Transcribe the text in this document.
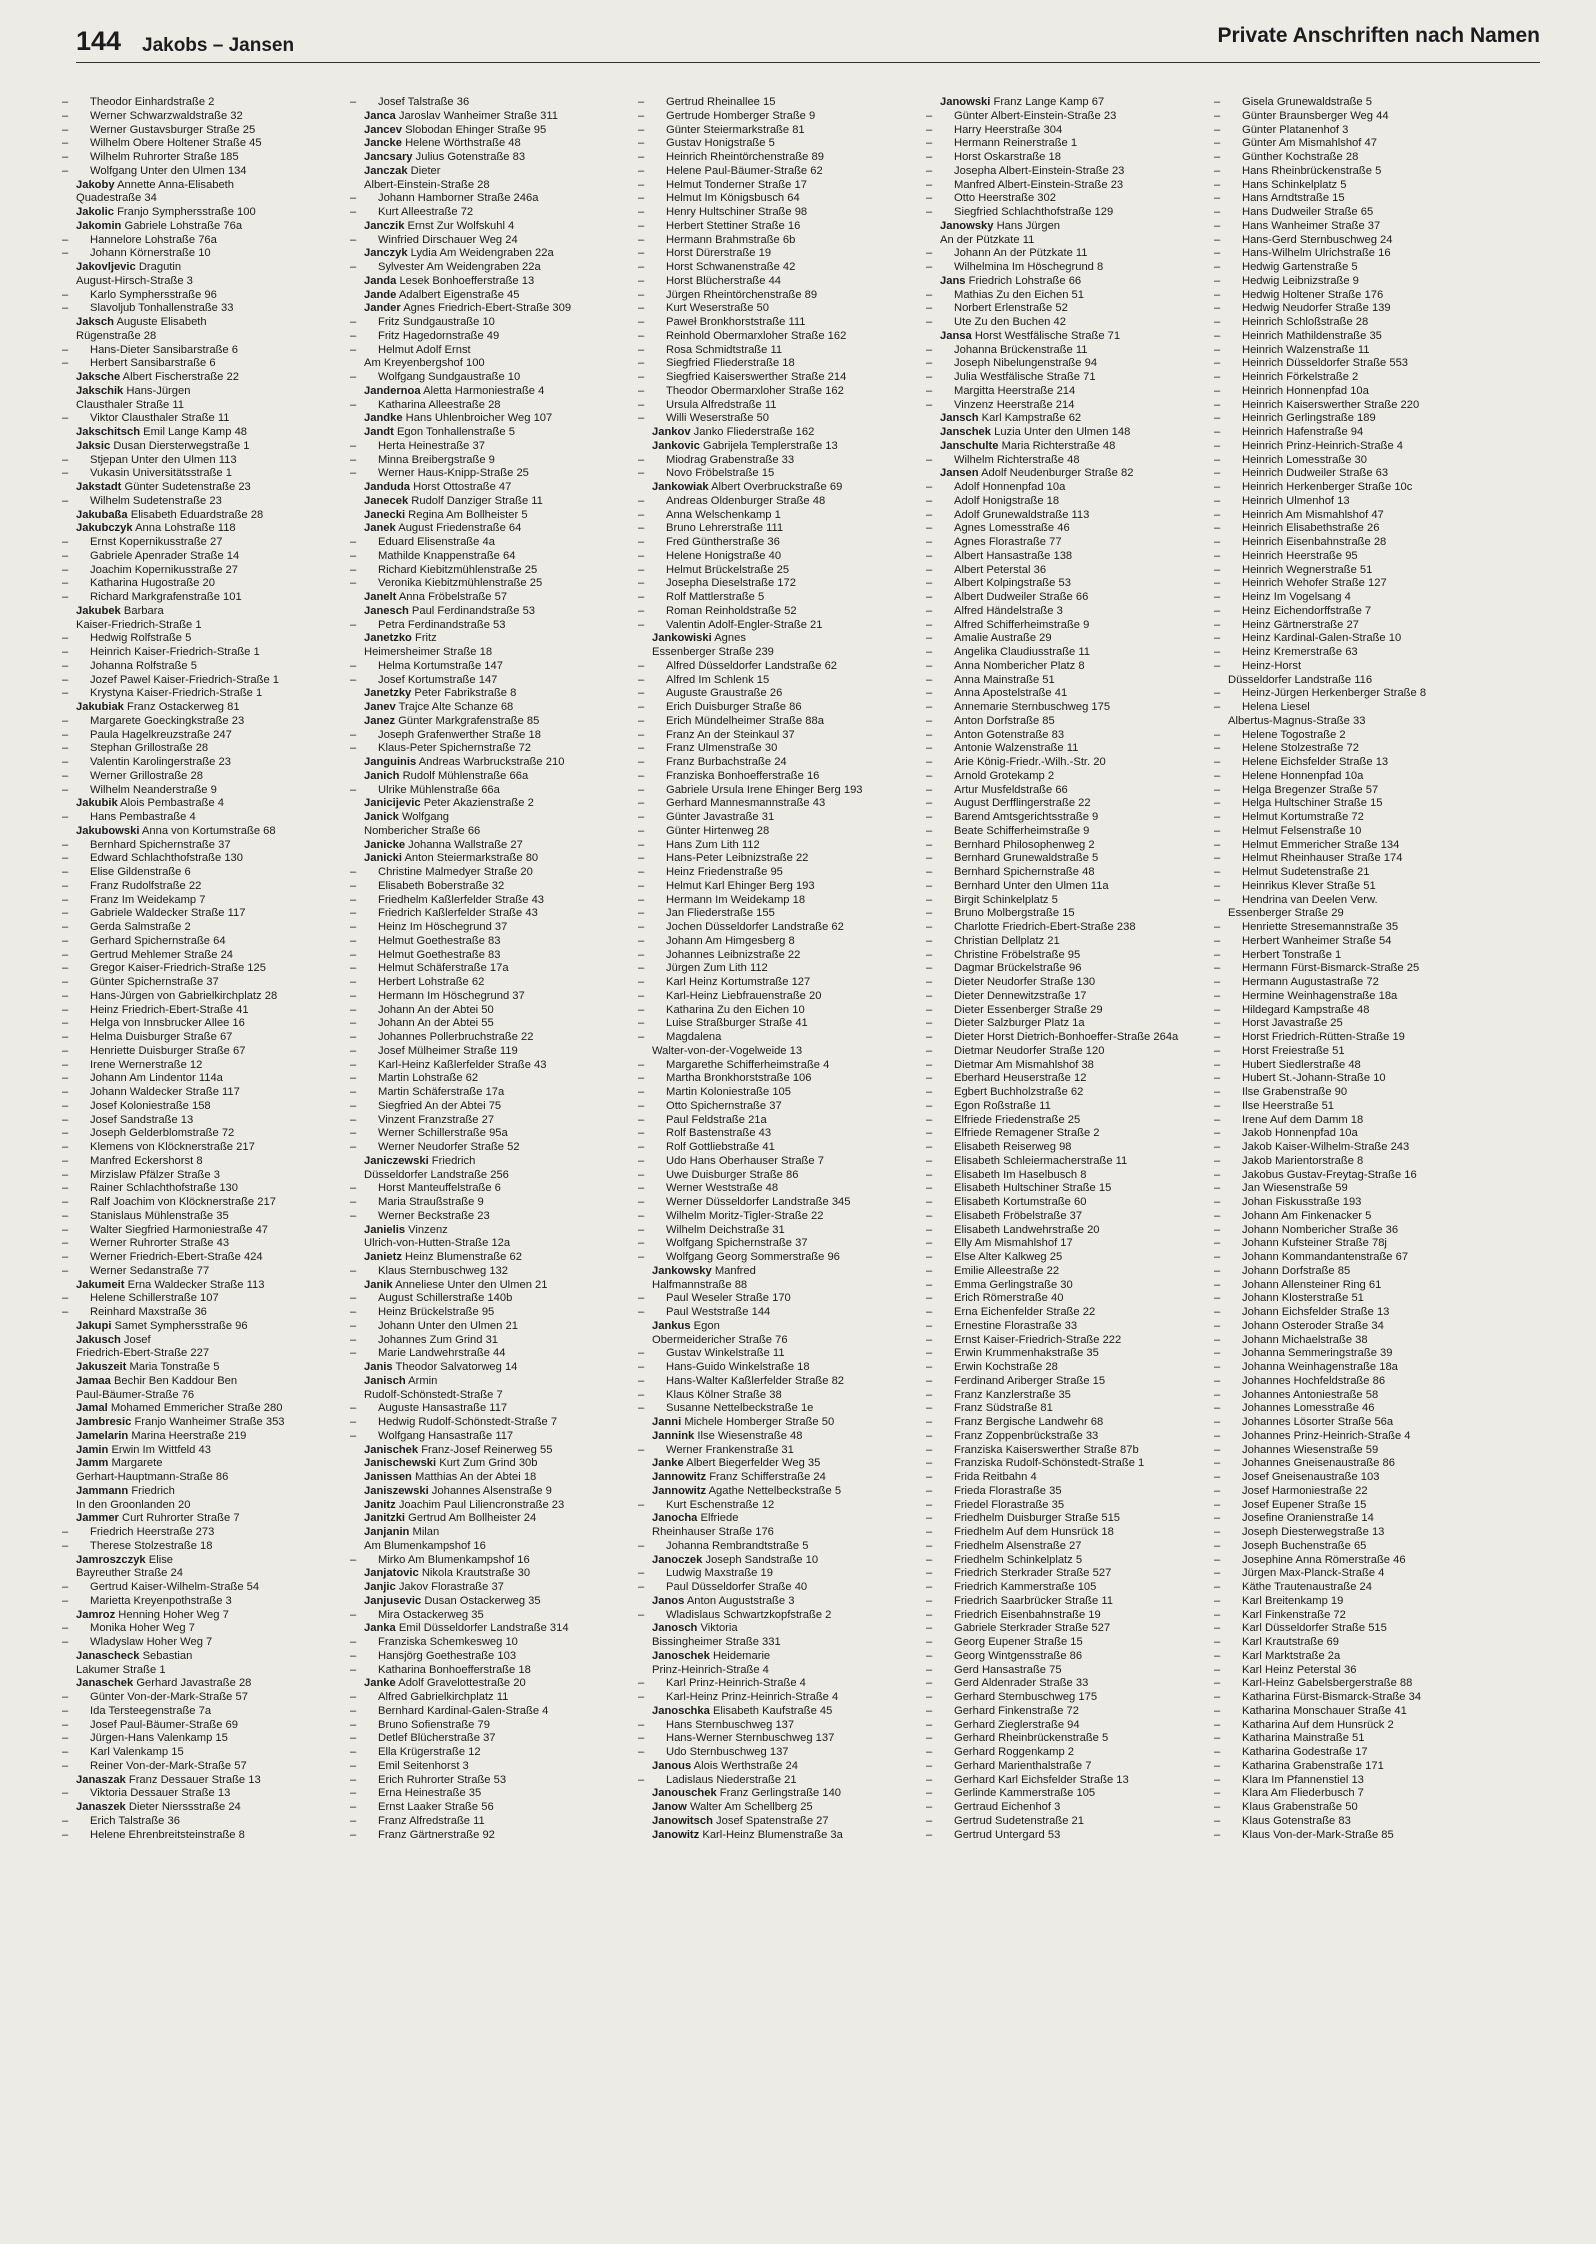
144 Jakobs – Jansen	Private Anschriften nach Namen
– Theodor Einhardstraße 2
– Werner Schwarzwaldstraße 32
– Werner Gustavsburger Straße 25
– Wilhelm Obere Holtener Straße 45
– Wilhelm Ruhrorter Straße 185
– Wolfgang Unter den Ulmen 134
Jakoby Annette Anna-Elisabeth
Quadestraße 34
Jakolic Franjo Symphersstraße 100
Jakomin Gabriele Lohstraße 76a
– Hannelore Lohstraße 76a
– Johann Körnerstraße 10
Jakovljevic Dragutin
August-Hirsch-Straße 3
– Karlo Symphersstraße 96
– Slavoljub Tonhallenstraße 33
Jaksch Auguste Elisabeth
Rügenstraße 28
– Hans-Dieter Sansibarstraße 6
– Herbert Sansibarstraße 6
Jaksche Albert Fischerstraße 22
Jakschik Hans-Jürgen
Clausthaler Straße 11
– Viktor Clausthaler Straße 11
Jakschitsch Emil Lange Kamp 48
Jaksic Dusan Diersterwegstraße 1
– Stjepan Unter den Ulmen 113
– Vukasin Universitätsstraße 1
Jakstadt Günter Sudetenstraße 23
– Wilhelm Sudetenstraße 23
Jakubaßa Elisabeth Eduardstraße 28
Jakubczyk Anna Lohstraße 118
– Ernst Kopernikusstraße 27
– Gabriele Apenrader Straße 14
– Joachim Kopernikusstraße 27
– Katharina Hugostraße 20
– Richard Markgrafenstraße 101
Jakubek Barbara
Kaiser-Friedrich-Straße 1
– Hedwig Rolfstraße 5
– Heinrich Kaiser-Friedrich-Straße 1
– Johanna Rolfstraße 5
– Jozef Pawel Kaiser-Friedrich-Straße 1
– Krystyna Kaiser-Friedrich-Straße 1
Jakubiak Franz Ostackerweg 81
– Margarete Goeckingkstraße 23
– Paula Hagelkreuzstraße 247
– Stephan Grillostraße 28
– Valentin Karolingerstraße 23
– Werner Grillostraße 28
– Wilhelm Neanderstraße 9
Jakubik Alois Pembastraße 4
– Hans Pembastraße 4
Jakubowski Anna von Kortumstraße 68
– Bernhard Spichernstraße 37
– Edward Schlachthofstraße 130
– Elise Gildenstraße 6
– Franz Rudolfstraße 22
– Franz Im Weidekamp 7
– Gabriele Waldecker Straße 117
– Gerda Salmstraße 2
– Gerhard Spichernstraße 64
– Gertrud Mehlemer Straße 24
– Gregor Kaiser-Friedrich-Straße 125
– Günter Spichernstraße 37
– Hans-Jürgen von Gabrielkirchplatz 28
– Heinz Friedrich-Ebert-Straße 41
– Helga von Innsbrucker Allee 16
– Helma Duisburger Straße 67
– Henriette Duisburger Straße 67
– Irene Wernerstraße 12
– Johann Am Lindentor 114a
– Johann Waldecker Straße 117
– Josef Koloniestraße 158
– Josef Sandstraße 13
– Joseph Gelderblomstraße 72
– Klemens von Klöcknerstraße 217
– Manfred Eckershorst 8
– Mirzislaw Pfälzer Straße 3
– Rainer Schlachthofstraße 130
– Ralf Joachim von Klöcknerstraße 217
– Stanislaus Mühlenstraße 35
– Walter Siegfried Harmoniestraße 47
– Werner Ruhrorter Straße 43
– Werner Friedrich-Ebert-Straße 424
– Werner Sedanstraße 77
Jakumeit Erna Waldecker Straße 113
– Helene Schillerstraße 107
– Reinhard Maxstraße 36
Jakupi Samet Symphersstraße 96
Jakusch Josef
Friedrich-Ebert-Straße 227
Jakuszeit Maria Tonstraße 5
Jamaa Bechir Ben Kaddour Ben
Paul-Bäumer-Straße 76
Jamal Mohamed Emmericher Straße 280
Jambresic Franjo Wanheimer Straße 353
Jamelarin Marina Heerstraße 219
Jamin Erwin Im Wittfeld 43
Jamm Margarete
Gerhart-Hauptmann-Straße 86
Jammann Friedrich
In den Groonlanden 20
Jammer Curt Ruhrorter Straße 7
– Friedrich Heerstraße 273
– Therese Stolzestraße 18
Jamroszczyk Elise
Bayreuther Straße 24
– Gertrud Kaiser-Wilhelm-Straße 54
– Marietta Kreyenpothstraße 3
Jamroz Henning Hoher Weg 7
– Monika Hoher Weg 7
– Wladyslaw Hoher Weg 7
Janascheck Sebastian
Lakumer Straße 1
Janaschek Gerhard Javastraße 28
– Günter Von-der-Mark-Straße 57
– Ida Tersteegenstraße 7a
– Josef Paul-Bäumer-Straße 69
– Jürgen-Hans Valenkamp 15
– Karl Valenkamp 15
– Reiner Von-der-Mark-Straße 57
Janaszak Franz Dessauer Straße 13
– Viktoria Dessauer Straße 13
Janaszek Dieter Nierssstraße 24
– Erich Talstraße 36
– Helene Ehrenbreitsteinstraße 8
– Josef Talstraße 36
Janca Jaroslav Wanheimer Straße 311
Jancev Slobodan Ehinger Straße 95
Jancke Helene Wörthstraße 48
Jancsary Julius Gotenstraße 83
Janczak Dieter
Albert-Einstein-Straße 28
– Johann Hamborner Straße 246a
– Kurt Alleestraße 72
Janczik Ernst Zur Wolfskuhl 4
– Winfried Dirschauer Weg 24
Janczyk Lydia Am Weidengraben 22a
– Sylvester Am Weidengraben 22a
Janda Lesek Bonhoefferstraße 13
Jande Adalbert Eigenstraße 45
Jander Agnes Friedrich-Ebert-Straße 309
– Fritz Sundgaustraße 10
– Fritz Hagedornstraße 49
– Helmut Adolf Ernst
Am Kreyenbergshof 100
– Wolfgang Sundgaustraße 10
Jandernoa Aletta Harmoniestraße 4
– Katharina Alleestraße 28
Jandke Hans Uhlenbroicher Weg 107
Jandt Egon Tonhallenstraße 5
– Herta Heinestraße 37
– Minna Breibergstraße 9
– Werner Haus-Knipp-Straße 25
Janduda Horst Ottostraße 47
Janecek Rudolf Danziger Straße 11
Janecki Regina Am Bollheister 5
Janek August Friedenstraße 64
– Eduard Elisenstraße 4a
– Mathilde Knappenstraße 64
– Richard Kiebitzmühlenstraße 25
– Veronika Kiebitzmühlenstraße 25
Janelt Anna Fröbelstraße 57
Janesch Paul Ferdinandstraße 53
– Petra Ferdinandstraße 53
Janetzko Fritz
Heimersheimer Straße 18
– Helma Kortumstraße 147
– Josef Kortumstraße 147
Janetzky Peter Fabrikstraße 8
Janev Trajce Alte Schanze 68
Janez Günter Markgrafenstraße 85
– Joseph Grafenwerther Straße 18
– Klaus-Peter Spichernstraße 72
Janguinis Andreas Warbruckstraße 210
Janich Rudolf Mühlenstraße 66a
– Ulrike Mühlenstraße 66a
Janicijevic Peter Akazienstraße 2
Janick Wolfgang
Nombericher Straße 66
Janicke Johanna Wallstraße 27
Janicki Anton Steiermarkstraße 80
– Christine Malmedyer Straße 20
– Elisabeth Boberstraße 32
– Friedhelm Kaßlerfelder Straße 43
– Friedrich Kaßlerfelder Straße 43
– Heinz Im Höschegrund 37
– Helmut Goethestraße 83
– Helmut Goethestraße 83
– Helmut Schäferstraße 17a
– Herbert Lohstraße 62
– Hermann Im Höschegrund 37
– Johann An der Abtei 50
– Johann An der Abtei 55
– Johannes Pollerbruchstraße 22
– Josef Mülheimer Straße 119
– Karl-Heinz Kaßlerfelder Straße 43
– Martin Lohstraße 62
– Martin Schäferstraße 17a
– Siegfried An der Abtei 75
– Vinzent Franzstraße 27
– Werner Schillerstraße 95a
– Werner Neudorfer Straße 52
Janiczewski Friedrich
Düsseldorfer Landstraße 256
– Horst Manteuffelstraße 6
– Maria Straußstraße 9
– Werner Beckstraße 23
Janielis Vinzenz
Ulrich-von-Hutten-Straße 12a
Janietz Heinz Blumenstraße 62
– Klaus Sternbuschweg 132
Janik Anneliese Unter den Ulmen 21
– August Schillerstraße 140b
– Heinz Brückelstraße 95
– Johann Unter den Ulmen 21
– Johannes Zum Grind 31
– Marie Landwehrstraße 44
Janis Theodor Salvatorweg 14
Janisch Armin
Rudolf-Schönstedt-Straße 7
– Auguste Hansastraße 117
– Hedwig Rudolf-Schönstedt-Straße 7
– Wolfgang Hansastraße 117
Janischek Franz-Josef Reinerweg 55
Janischewski Kurt Zum Grind 30b
Janissen Matthias An der Abtei 18
Janiszewski Johannes Alsenstraße 9
Janitz Joachim Paul Liliencronstraße 23
Janitzki Gertrud Am Bollheister 24
Janjanin Milan
Am Blumenkampshof 16
– Mirko Am Blumenkampshof 16
Janjatovic Nikola Krautstraße 30
Janjic Jakov Florastraße 37
Janjusevic Dusan Ostackerweg 35
– Mira Ostackerweg 35
Janka Emil Düsseldorfer Landstraße 314
– Franziska Schemkesweg 10
– Hansjörg Goethestraße 103
– Katharina Bonhoefferstraße 18
Janke Adolf Gravelottestraße 20
– Alfred Gabrielkirchplatz 11
– Bernhard Kardinal-Galen-Straße 4
– Bruno Sofienstraße 79
– Detlef Blücherstraße 37
– Ella Krügerstraße 12
– Emil Seitenhorst 3
– Erich Ruhrorter Straße 53
– Erna Heinestraße 35
– Ernst Laaker Straße 56
– Franz Alfredstraße 11
– Franz Gärtnerstraße 92
– Gertrud Rheinallee 15
– Gertrude Homberger Straße 9
– Günter Steiermarkstraße 81
– Gustav Honigstraße 5
– Heinrich Rheintörchenstraße 89
– Helene Paul-Bäumer-Straße 62
– Helmut Tonderner Straße 17
– Helmut Im Königsbusch 64
– Henry Hultschiner Straße 98
– Herbert Stettiner Straße 16
– Hermann Brahmstraße 6b
– Horst Dürerstraße 19
– Horst Schwanenstraße 42
– Horst Blücherstraße 44
– Jürgen Rheintörchenstraße 89
– Kurt Weserstraße 50
– Paweł Bronkhorststraße 111
– Reinhold Obermarxloher Straße 162
– Rosa Schmidtstraße 11
– Siegfried Fliederstraße 18
– Siegfried Kaiserswerther Straße 214
– Theodor Obermarxloher Straße 162
– Ursula Alfredstraße 11
– Willi Weserstraße 50
Jankov Janko Fliederstraße 162
Jankovic Gabrijela Templerstraße 13
– Miodrag Grabenstraße 33
– Novo Fröbelstraße 15
Jankowiak Albert Overbruckstraße 69
– Andreas Oldenburger Straße 48
– Anna Welschenkamp 1
– Bruno Lehrerstraße 111
– Fred Güntherstraße 36
– Helene Honigstraße 40
– Helmut Brückelstraße 25
– Josepha Dieselstraße 172
– Rolf Mattlerstraße 5
– Roman Reinholdstraße 52
– Valentin Adolf-Engler-Straße 21
Jankowiski Agnes
Essenberger Straße 239
– Alfred Düsseldorfer Landstraße 62
– Alfred Im Schlenk 15
– Auguste Graustraße 26
– Erich Duisburger Straße 86
– Erich Mündelheimer Straße 88a
– Franz An der Steinkaul 37
– Franz Ulmenstraße 30
– Franz Burbachstraße 24
– Franziska Bonhoefferstraße 16
– Gabriele Ursula Irene Ehinger Berg 193
– Gerhard Mannesmannstraße 43
– Günter Javastraße 31
– Günter Hirtenweg 28
– Hans Zum Lith 112
– Hans-Peter Leibnizstraße 22
– Heinz Friedenstraße 95
– Helmut Karl Ehinger Berg 193
– Hermann Im Weidekamp 18
– Jan Fliederstraße 155
– Jochen Düsseldorfer Landstraße 62
– Johann Am Himgesberg 8
– Johannes Leibnizstraße 22
– Jürgen Zum Lith 112
– Karl Heinz Kortumstraße 127
– Karl-Heinz Liebfrauenstraße 20
– Katharina Zu den Eichen 10
– Luise Straßburger Straße 41
– Magdalena
Walter-von-der-Vogelweide 13
– Margarethe Schifferheimstraße 4
– Martha Bronkhorststraße 106
– Martin Koloniestraße 105
– Otto Spichernstraße 37
– Paul Feldstraße 21a
– Rolf Bastenstraße 43
– Rolf Gottliebstraße 41
– Udo Hans Oberhauser Straße 7
– Uwe Duisburger Straße 86
– Werner Weststraße 48
– Werner Düsseldorfer Landstraße 345
– Wilhelm Moritz-Tigler-Straße 22
– Wilhelm Deichstraße 31
– Wolfgang Spichernstraße 37
– Wolfgang Georg Sommerstraße 96
Jankowsky Manfred
Halfmannstraße 88
– Paul Weseler Straße 170
– Paul Weststraße 144
Jankus Egon
Obermeidericher Straße 76
– Gustav Winkelstraße 11
– Hans-Guido Winkelstraße 18
– Hans-Walter Kaßlerfelder Straße 82
– Klaus Kölner Straße 38
– Susanne Nettelbeckstraße 1e
Janni Michele Homberger Straße 50
Jannink Ilse Wiesenstraße 48
– Werner Frankenstraße 31
Janke Albert Biegerfelder Weg 35
Jannowitz Franz Schifferstraße 24
Jannowitz Agathe Nettelbeckstraße 5
– Kurt Eschenstraße 12
Janocha Elfriede
Rheinhauser Straße 176
– Johanna Rembrandtstraße 5
Janoczek Joseph Sandstraße 10
– Ludwig Maxstraße 19
– Paul Düsseldorfer Straße 40
Janos Anton Auguststraße 3
– Wladislaus Schwartzkopfstraße 2
Janosch Viktoria
Bissingheimer Straße 331
Janoschek Heidemarie
Prinz-Heinrich-Straße 4
– Karl Prinz-Heinrich-Straße 4
– Karl-Heinz Prinz-Heinrich-Straße 4
Janoschka Elisabeth Kaufstraße 45
– Hans Sternbuschweg 137
– Hans-Werner Sternbuschweg 137
– Udo Sternbuschweg 137
Janous Alois Werthstraße 24
– Ladislaus Niederstraße 21
Janouschek Franz Gerlingstraße 140
Janow Walter Am Schellberg 25
Janowitsch Josef Spatenstraße 27
Janowitz Karl-Heinz Blumenstraße 3a
Janowski Franz Lange Kamp 67
– Günter Albert-Einstein-Straße 23
– Harry Heerstraße 304
– Hermann Reinerstraße 1
– Horst Oskarstraße 18
– Josepha Albert-Einstein-Straße 23
– Manfred Albert-Einstein-Straße 23
– Otto Heerstraße 302
– Siegfried Schlachthofstraße 129
Janowsky Hans Jürgen
An der Pützkate 11
– Johann An der Pützkate 11
– Wilhelmina Im Höschegrund 8
Jans Friedrich Lohstraße 66
– Mathias Zu den Eichen 51
– Norbert Erlenstraße 52
– Ute Zu den Buchen 42
Jansa Horst Westfälische Straße 71
– Johanna Brückenstraße 11
– Joseph Nibelungenstraße 94
– Julia Westfälische Straße 71
– Margitta Heerstraße 214
– Vinzenz Heerstraße 214
Jansch Karl Kampstraße 62
Janschek Luzia Unter den Ulmen 148
Janschulte Maria Richterstraße 48
– Wilhelm Richterstraße 48
Jansen Adolf Neudenburger Straße 82
– Adolf Honnenpfad 10a
– Adolf Honigstraße 18
– Adolf Grunewaldstraße 113
– Agnes Lomesstraße 46
– Agnes Florastraße 77
– Albert Hansastraße 138
– Albert Peterstal 36
– Albert Kolpingstraße 53
– Albert Dudweiler Straße 66
– Alfred Händelstraße 3
– Alfred Schifferheimstraße 9
– Amalie Austraße 29
– Angelika Claudiusstraße 11
– Anna Nombericher Platz 8
– Anna Mainstraße 51
– Anna Apostelstraße 41
– Annemarie Sternbuschweg 175
– Anton Dorfstraße 85
– Anton Gotenstraße 83
– Antonie Walzenstraße 11
– Arie König-Friedr.-Wilh.-Str. 20
– Arnold Grotekamp 2
– Artur Musfeldstraße 66
– August Derfflingerstraße 22
– Barend Amtsgerichtsstraße 9
– Beate Schifferheimstraße 9
– Bernhard Philosophenweg 2
– Bernhard Grunewaldstraße 5
– Bernhard Spichernstraße 48
– Bernhard Unter den Ulmen 11a
– Birgit Schinkelplatz 5
– Bruno Molbergstraße 15
– Charlotte Friedrich-Ebert-Straße 238
– Christian Dellplatz 21
– Christine Fröbelstraße 95
– Dagmar Brückelstraße 96
– Dieter Neudorfer Straße 130
– Dieter Dennewitzstraße 17
– Dieter Essenberger Straße 29
– Dieter Salzburger Platz 1a
– Dieter Horst Dietrich-Bonhoeffer-Straße 264a
– Dietmar Neudorfer Straße 120
– Dietmar Am Mismahlshof 38
– Eberhard Heuserstraße 12
– Egbert Buchholzstraße 62
– Egon Roßstraße 11
– Elfriede Friedenstraße 25
– Elfriede Remagener Straße 2
– Elisabeth Reiserweg 98
– Elisabeth Schleiermacherstraße 11
– Elisabeth Im Haselbusch 8
– Elisabeth Hultschiner Straße 15
– Elisabeth Kortumstraße 60
– Elisabeth Fröbelstraße 37
– Elisabeth Landwehrstraße 20
– Elly Am Mismahlshof 17
– Else Alter Kalkweg 25
– Emilie Alleestraße 22
– Emma Gerlingstraße 30
– Erich Römerstraße 40
– Erna Eichenfelder Straße 22
– Ernestine Florastraße 33
– Ernst Kaiser-Friedrich-Straße 222
– Erwin Krummenhakstraße 35
– Erwin Kochstraße 28
– Ferdinand Ariberger Straße 15
– Franz Kanzlerstraße 35
– Franz Südstraße 81
– Franz Bergische Landwehr 68
– Franz Zoppenbrückstraße 33
– Franziska Kaiserswerther Straße 87b
– Franziska Rudolf-Schönstedt-Straße 1
– Frida Reitbahn 4
– Frieda Florastraße 35
– Friedel Florastraße 35
– Friedhelm Duisburger Straße 515
– Friedhelm Auf dem Hunsrück 18
– Friedhelm Alsenstraße 27
– Friedhelm Schinkelplatz 5
– Friedrich Sterkrader Straße 527
– Friedrich Kammerstraße 105
– Friedrich Saarbrücker Straße 11
– Friedrich Eisenbahnstraße 19
– Gabriele Sterkrader Straße 527
– Georg Eupener Straße 15
– Georg Wintgensstraße 86
– Gerd Hansastraße 75
– Gerd Aldenrader Straße 33
– Gerhard Sternbuschweg 175
– Gerhard Finkenstraße 72
– Gerhard Zieglerstraße 94
– Gerhard Rheinbrückenstraße 5
– Gerhard Roggenkamp 2
– Gerhard Marienthalstraße 7
– Gerhard Karl Eichsfelder Straße 13
– Gerlinde Kammerstraße 105
– Gertraud Eichenhof 3
– Gertrud Sudetenstraße 21
– Gertrud Untergard 53
– Gisela Grunewaldstraße 5
– Günter Braunsberger Weg 44
– Günter Platanenhof 3
– Günter Am Mismahlshof 47
– Günther Kochstraße 28
– Hans Rheinbrückenstraße 5
– Hans Schinkelplatz 5
– Hans Arndtstraße 15
– Hans Dudweiler Straße 65
– Hans Wanheimer Straße 37
– Hans-Gerd Sternbuschweg 24
– Hans-Wilhelm Ulrichstraße 16
– Hedwig Gartenstraße 5
– Hedwig Leibnizstraße 9
– Hedwig Holtener Straße 176
– Hedwig Neudorfer Straße 139
– Heinrich Schloßstraße 28
– Heinrich Mathildenstraße 35
– Heinrich Walzenstraße 11
– Heinrich Düsseldorfer Straße 553
– Heinrich Förkelstraße 2
– Heinrich Honnenpfad 10a
– Heinrich Kaiserswerther Straße 220
– Heinrich Gerlingstraße 189
– Heinrich Hafenstraße 94
– Heinrich Prinz-Heinrich-Straße 4
– Heinrich Lomesstraße 30
– Heinrich Dudweiler Straße 63
– Heinrich Herkenberger Straße 10c
– Heinrich Ulmenhof 13
– Heinrich Am Mismahlshof 47
– Heinrich Elisabethstraße 26
– Heinrich Eisenbahnstraße 28
– Heinrich Heerstraße 95
– Heinrich Wegnerstraße 51
– Heinrich Wehofer Straße 127
– Heinz Im Vogelsang 4
– Heinz Eichendorffstraße 7
– Heinz Gärtnerstraße 27
– Heinz Kardinal-Galen-Straße 10
– Heinz Kremerstraße 63
– Heinz-Horst
Düsseldorfer Landstraße 116
– Heinz-Jürgen Herkenberger Straße 8
– Helena Liesel
Albertus-Magnus-Straße 33
– Helene Togostraße 2
– Helene Stolzestraße 72
– Helene Eichsfelder Straße 13
– Helene Honnenpfad 10a
– Helga Bregenzer Straße 57
– Helga Hultschiner Straße 15
– Helmut Kortumstraße 72
– Helmut Felsenstraße 10
– Helmut Emmericher Straße 134
– Helmut Rheinhauser Straße 174
– Helmut Sudetenstraße 21
– Heinrikus Klever Straße 51
– Hendrina van Deelen Verw.
Essenberger Straße 29
– Henriette Stresemannstraße 35
– Herbert Wanheimer Straße 54
– Herbert Tonstraße 1
– Hermann Fürst-Bismarck-Straße 25
– Hermann Augustastraße 72
– Hermine Weinhagenstraße 18a
– Hildegard Kampstraße 48
– Horst Javastraße 25
– Horst Friedrich-Rütten-Straße 19
– Horst Freiestraße 51
– Hubert Siedlerstraße 48
– Hubert St.-Johann-Straße 10
– Ilse Grabenstraße 90
– Ilse Heerstraße 51
– Irene Auf dem Damm 18
– Jakob Honnenpfad 10a
– Jakob Kaiser-Wilhelm-Straße 243
– Jakob Marientorstraße 8
– Jakobus Gustav-Freytag-Straße 16
– Jan Wiesenstraße 59
– Johan Fiskusstraße 193
– Johann Am Finkenacker 5
– Johann Nombericher Straße 36
– Johann Kufsteiner Straße 78j
– Johann Kommandantenstraße 67
– Johann Dorfstraße 85
– Johann Allensteiner Ring 61
– Johann Klosterstraße 51
– Johann Eichsfelder Straße 13
– Johann Osteroder Straße 34
– Johann Michaelstraße 38
– Johanna Semmeringstraße 39
– Johanna Weinhagenstraße 18a
– Johannes Hochfeldstraße 86
– Johannes Antoniestraße 58
– Johannes Lomesstraße 46
– Johannes Lösorter Straße 56a
– Johannes Prinz-Heinrich-Straße 4
– Johannes Wiesenstraße 59
– Johannes Gneisenaustraße 86
– Josef Gneisenaustraße 103
– Josef Harmoniestraße 22
– Josef Eupener Straße 15
– Josefine Oranienstraße 14
– Joseph Diesterwegstraße 13
– Joseph Buchenstraße 65
– Josephine Anna Römerstraße 46
– Jürgen Max-Planck-Straße 4
– Käthe Trautenaustraße 24
– Karl Breitenkamp 19
– Karl Finkenstraße 72
– Karl Düsseldorfer Straße 515
– Karl Krautstraße 69
– Karl Marktstraße 2a
– Karl Heinz Peterstal 36
– Karl-Heinz Gabelsbergerstraße 88
– Katharina Fürst-Bismarck-Straße 34
– Katharina Monschauer Straße 41
– Katharina Auf dem Hunsrück 2
– Katharina Mainstraße 51
– Katharina Godestraße 17
– Katharina Grabenstraße 171
– Klara Im Pfannenstiel 13
– Klara Am Fliederbusch 7
– Klaus Grabenstraße 50
– Klaus Gotenstraße 83
– Klaus Von-der-Mark-Straße 85
